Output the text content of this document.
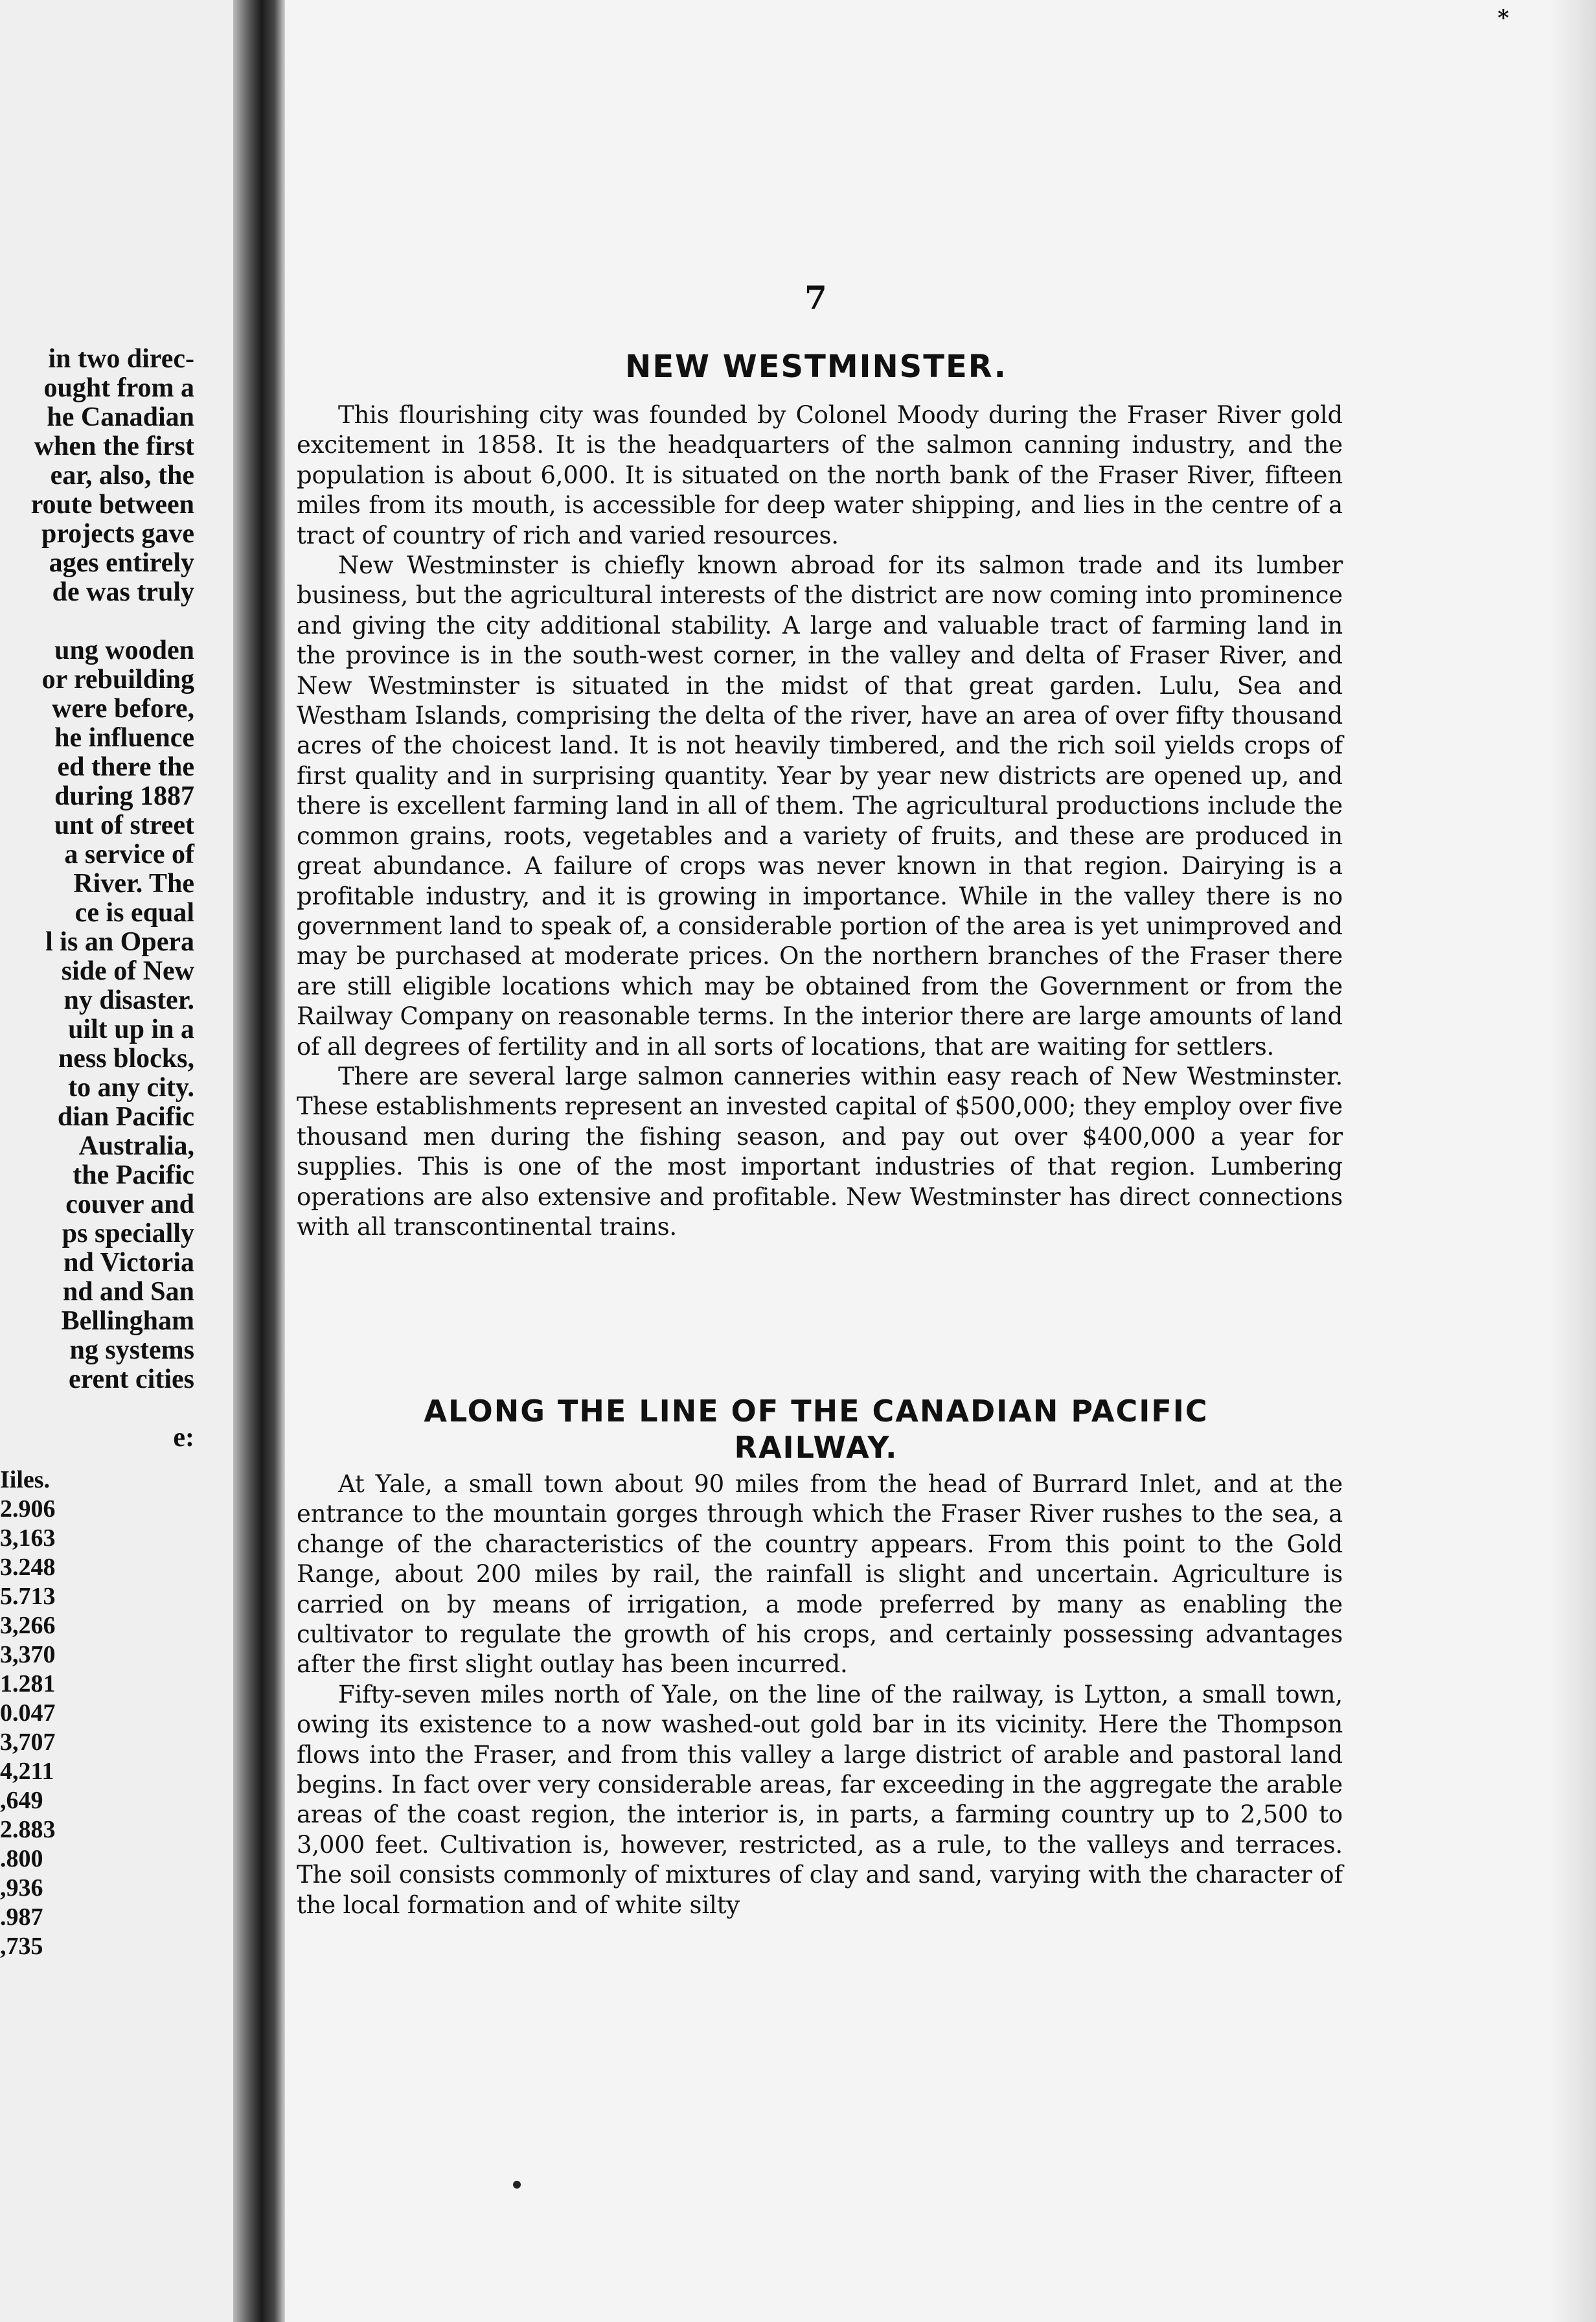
in two direc-
ought from a
he Canadian
when the first
ear, also, the
route between
projects gave
ages entirely
de was truly

ung wooden
or rebuilding
were before,
he influence
ed there the
during 1887
unt of street
a service of
River. The
ce is equal
l is an Opera
side of New
ny disaster.
uilt up in a
ness blocks,
to any city.
dian Pacific
Australia,
the Pacific
couver and
ps specially
nd Victoria
nd and San
Bellingham
ng systems
erent cities

e:
Iiles.
2.906
3,163
3.248
5.713
3,266
3,370
1.281
0.047
3,707
4,211
,649
2.883
.800
,936
.987
,735
*
7
NEW WESTMINSTER.

This flourishing city was founded by Colonel Moody during the Fraser River gold excitement in 1858. It is the headquarters of the salmon canning industry, and the population is about 6,000. It is situated on the north bank of the Fraser River, fifteen miles from its mouth, is accessible for deep water shipping, and lies in the centre of a tract of country of rich and varied resources.

New Westminster is chiefly known abroad for its salmon trade and its lumber business, but the agricultural interests of the district are now coming into prominence and giving the city additional stability. A large and valuable tract of farming land in the province is in the south-west corner, in the valley and delta of Fraser River, and New Westminster is situated in the midst of that great garden. Lulu, Sea and Westham Islands, comprising the delta of the river, have an area of over fifty thousand acres of the choicest land. It is not heavily timbered, and the rich soil yields crops of first quality and in surprising quantity. Year by year new districts are opened up, and there is excellent farming land in all of them. The agricultural productions include the common grains, roots, vegetables and a variety of fruits, and these are produced in great abundance. A failure of crops was never known in that region. Dairying is a profitable industry, and it is growing in importance. While in the valley there is no government land to speak of, a considerable portion of the area is yet unimproved and may be purchased at moderate prices. On the northern branches of the Fraser there are still eligible locations which may be obtained from the Government or from the Railway Company on reasonable terms. In the interior there are large amounts of land of all degrees of fertility and in all sorts of locations, that are waiting for settlers.

There are several large salmon canneries within easy reach of New Westminster. These establishments represent an invested capital of $500,000; they employ over five thousand men during the fishing season, and pay out over $400,000 a year for supplies. This is one of the most important industries of that region. Lumbering operations are also extensive and profitable. New Westminster has direct connections with all transcontinental trains.

ALONG THE LINE OF THE CANADIAN PACIFIC
RAILWAY.

At Yale, a small town about 90 miles from the head of Burrard Inlet, and at the entrance to the mountain gorges through which the Fraser River rushes to the sea, a change of the characteristics of the country appears. From this point to the Gold Range, about 200 miles by rail, the rainfall is slight and uncertain. Agriculture is carried on by means of irrigation, a mode preferred by many as enabling the cultivator to regulate the growth of his crops, and certainly possessing advantages after the first slight outlay has been incurred.

Fifty-seven miles north of Yale, on the line of the railway, is Lytton, a small town, owing its existence to a now washed-out gold bar in its vicinity. Here the Thompson flows into the Fraser, and from this valley a large district of arable and pastoral land begins. In fact over very considerable areas, far exceeding in the aggregate the arable areas of the coast region, the interior is, in parts, a farming country up to 2,500 to 3,000 feet. Cultivation is, however, restricted, as a rule, to the valleys and terraces. The soil consists commonly of mixtures of clay and sand, varying with the character of the local formation and of white silty
